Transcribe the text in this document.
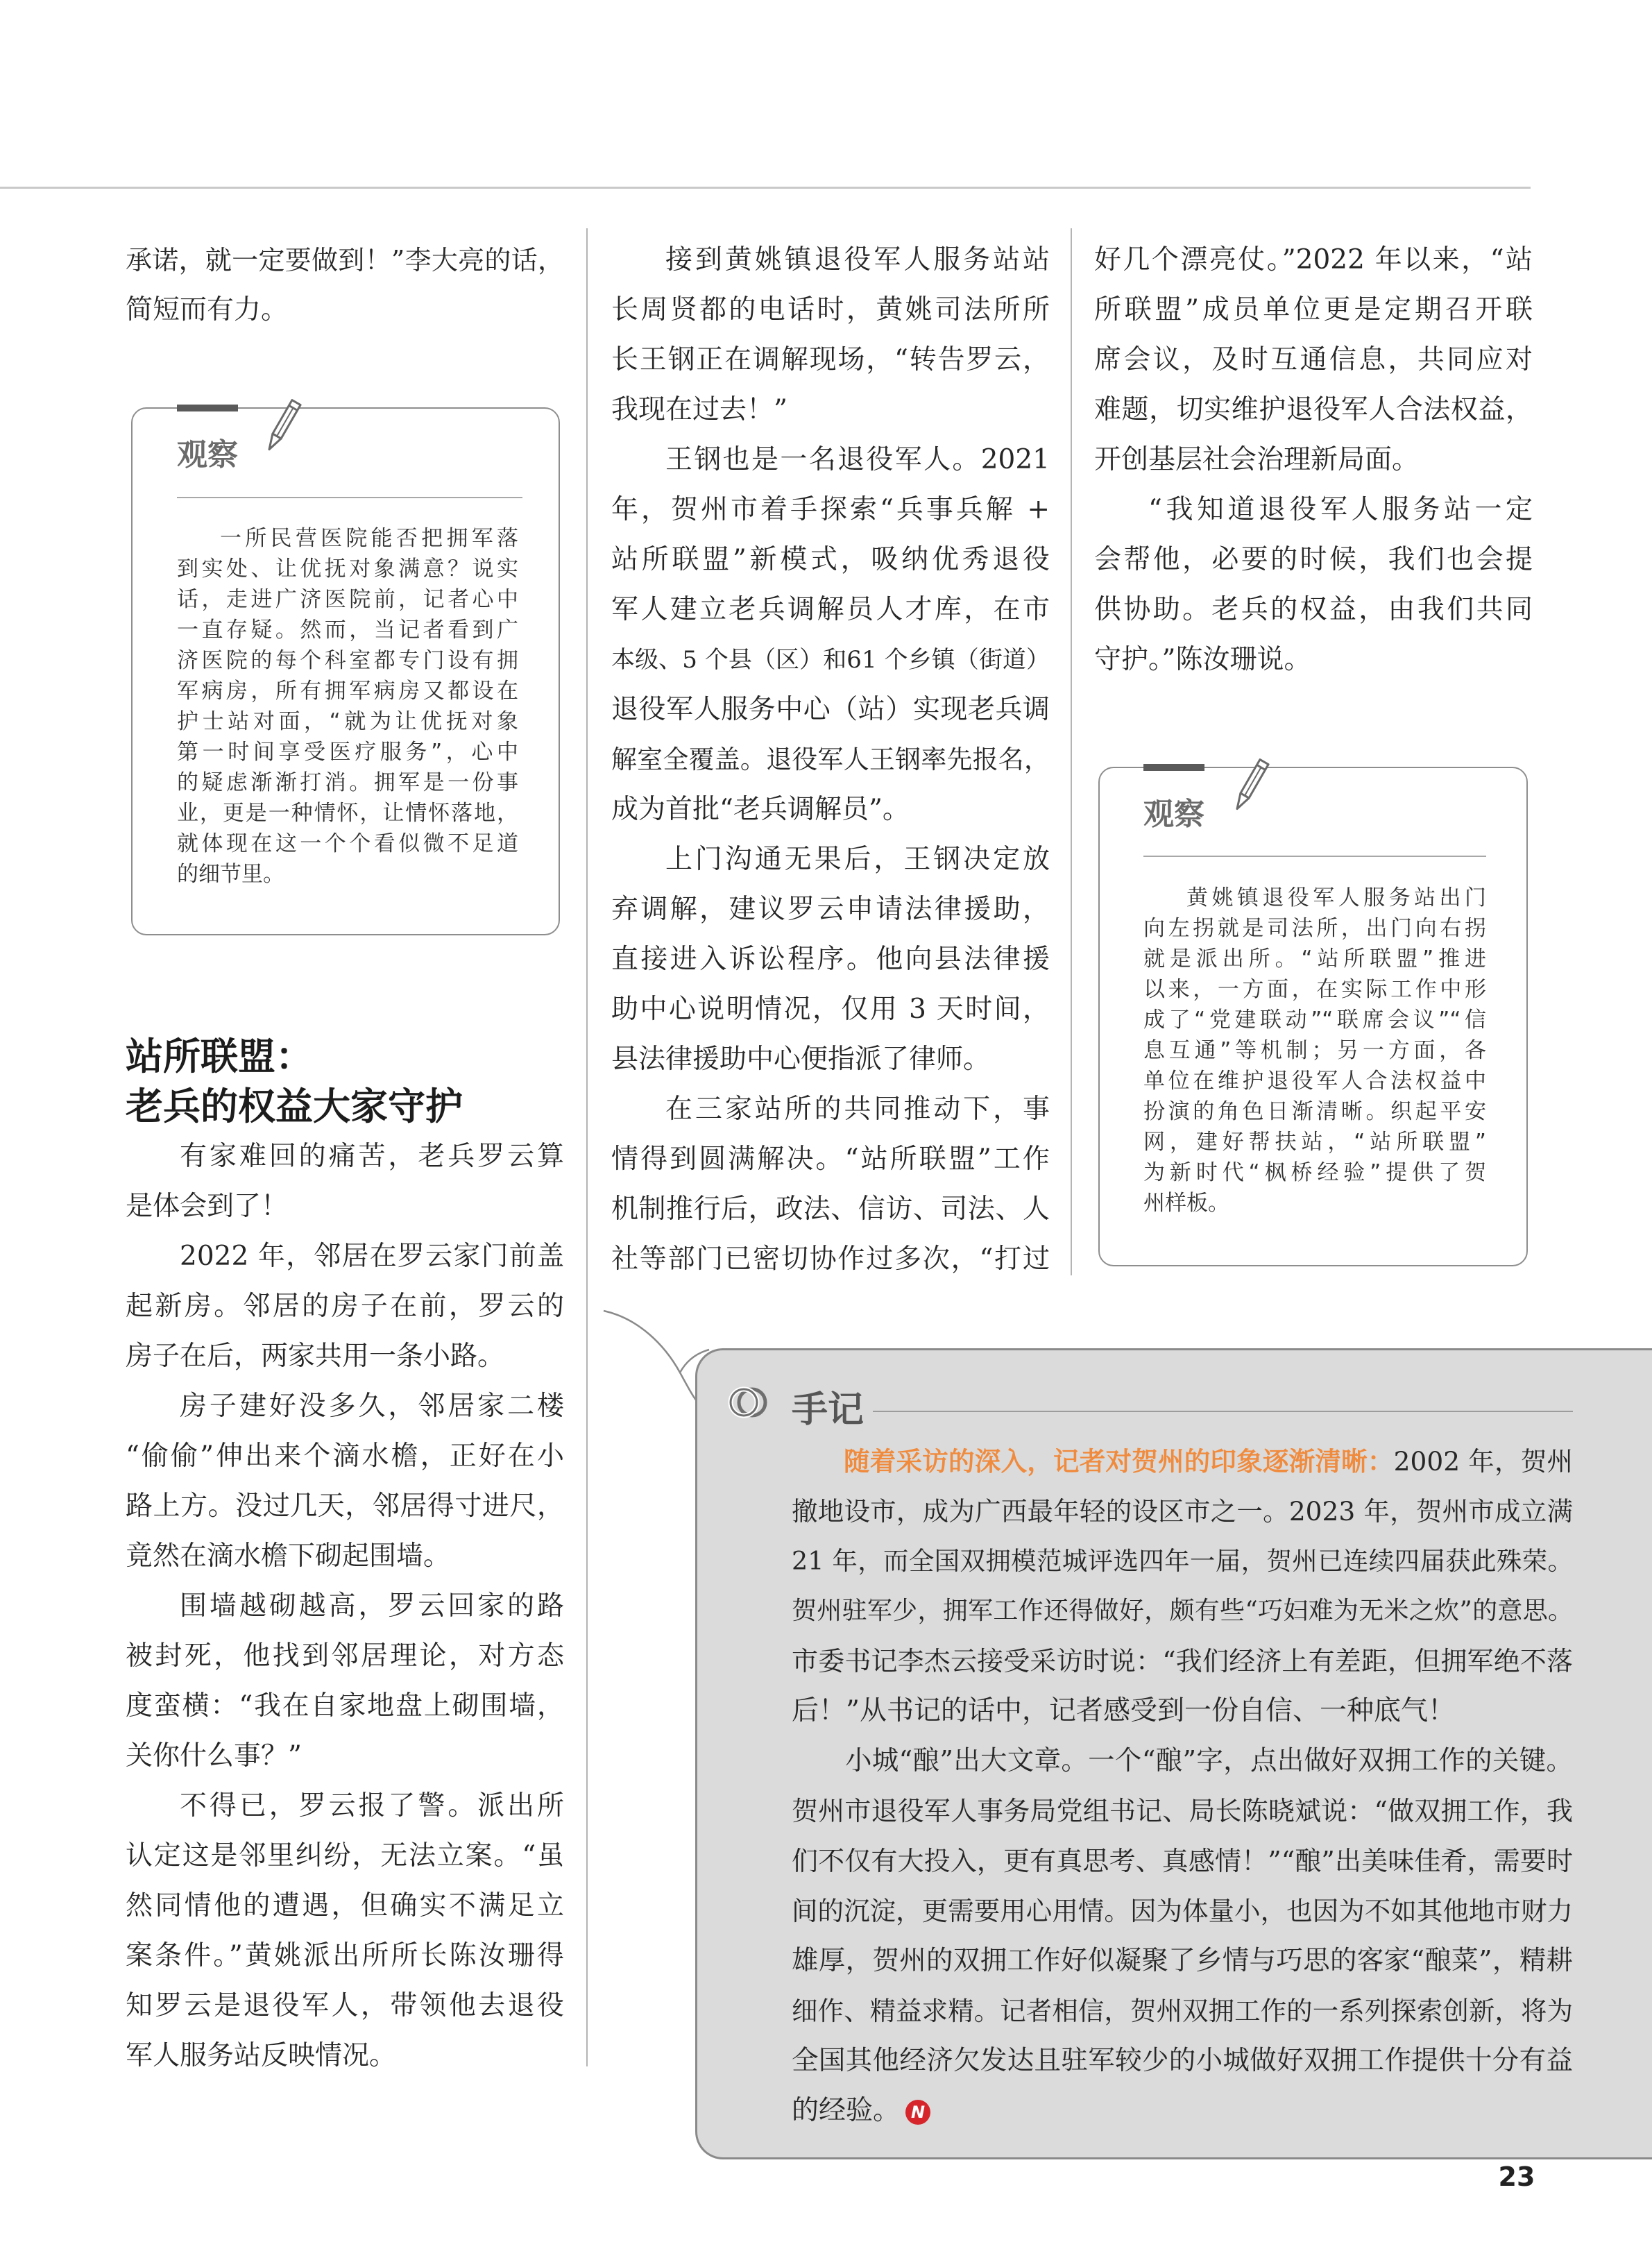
承诺，就一定要做到！”李大亮的话，
简短而有力。
观察
一所民营医院能否把拥军落
到实处、让优抚对象满意？说实
话，走进广济医院前，记者心中
一直存疑。然而，当记者看到广
济医院的每个科室都专门设有拥
军病房，所有拥军病房又都设在
护士站对面，“就为让优抚对象
第一时间享受医疗服务”，心中
的疑虑渐渐打消。拥军是一份事
业，更是一种情怀，让情怀落地，
就体现在这一个个看似微不足道
的细节里。
站所联盟：
老兵的权益大家守护
有家难回的痛苦，老兵罗云算
是体会到了！
2022 年，邻居在罗云家门前盖
起新房。邻居的房子在前，罗云的
房子在后，两家共用一条小路。
房子建好没多久，邻居家二楼
“偷偷”伸出来个滴水檐，正好在小
路上方。没过几天，邻居得寸进尺，
竟然在滴水檐下砌起围墙。
围墙越砌越高，罗云回家的路
被封死，他找到邻居理论，对方态
度蛮横：“我在自家地盘上砌围墙，
关你什么事？”
不得已，罗云报了警。派出所
认定这是邻里纠纷，无法立案。“虽
然同情他的遭遇，但确实不满足立
案条件。”黄姚派出所所长陈汝珊得
知罗云是退役军人，带领他去退役
军人服务站反映情况。
接到黄姚镇退役军人服务站站
长周贤都的电话时，黄姚司法所所
长王钢正在调解现场，“转告罗云，
我现在过去！”
王钢也是一名退役军人。2021
年，贺州市着手探索“兵事兵解 +
站所联盟”新模式，吸纳优秀退役
军人建立老兵调解员人才库，在市
本级、5 个县（区）和61 个乡镇（街道）
退役军人服务中心（站）实现老兵调
解室全覆盖。退役军人王钢率先报名，
成为首批“老兵调解员”。
上门沟通无果后，王钢决定放
弃调解，建议罗云申请法律援助，
直接进入诉讼程序。他向县法律援
助中心说明情况，仅用 3 天时间，
县法律援助中心便指派了律师。
在三家站所的共同推动下，事
情得到圆满解决。“站所联盟”工作
机制推行后，政法、信访、司法、人
社等部门已密切协作过多次，“打过
好几个漂亮仗。”2022 年以来，“站
所联盟”成员单位更是定期召开联
席会议，及时互通信息，共同应对
难题，切实维护退役军人合法权益，
开创基层社会治理新局面。
“我知道退役军人服务站一定
会帮他，必要的时候，我们也会提
供协助。老兵的权益，由我们共同
守护。”陈汝珊说。
观察
黄姚镇退役军人服务站出门
向左拐就是司法所，出门向右拐
就是派出所。“站所联盟”推进
以来，一方面，在实际工作中形
成了“党建联动”“联席会议”“信
息互通”等机制；另一方面，各
单位在维护退役军人合法权益中
扮演的角色日渐清晰。织起平安
网，建好帮扶站，“站所联盟”
为新时代“枫桥经验”提供了贺
州样板。
手记
随着采访的深入，记者对贺州的印象逐渐清晰：2002 年，贺州
撤地设市，成为广西最年轻的设区市之一。2023 年，贺州市成立满
21 年，而全国双拥模范城评选四年一届，贺州已连续四届获此殊荣。
贺州驻军少，拥军工作还得做好，颇有些“巧妇难为无米之炊”的意思。
市委书记李杰云接受采访时说：“我们经济上有差距，但拥军绝不落
后！”从书记的话中，记者感受到一份自信、一种底气！
小城“酿”出大文章。一个“酿”字，点出做好双拥工作的关键。
贺州市退役军人事务局党组书记、局长陈晓斌说：“做双拥工作，我
们不仅有大投入，更有真思考、真感情！”“酿”出美味佳肴，需要时
间的沉淀，更需要用心用情。因为体量小，也因为不如其他地市财力
雄厚，贺州的双拥工作好似凝聚了乡情与巧思的客家“酿菜”，精耕
细作、精益求精。记者相信，贺州双拥工作的一系列探索创新，将为
全国其他经济欠发达且驻军较少的小城做好双拥工作提供十分有益
的经验。 N
23
